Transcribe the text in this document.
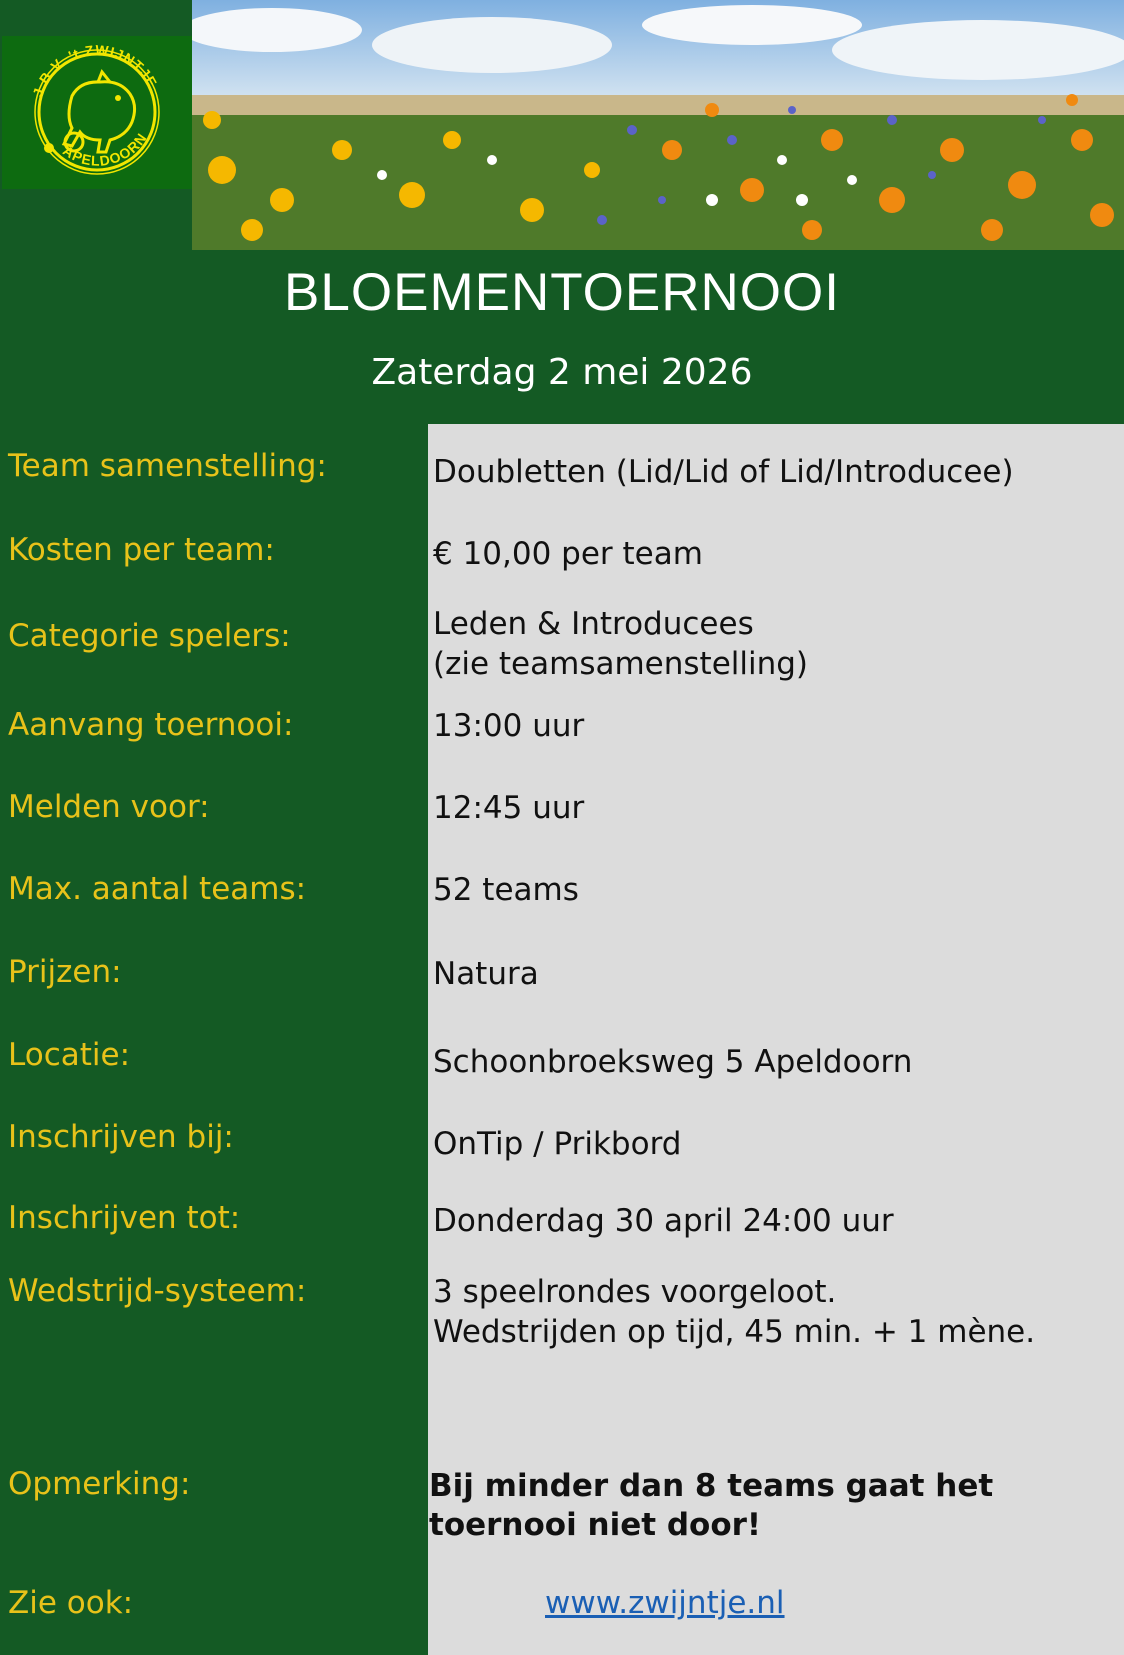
J.B.V. 't ZWIJNTJE
APELDOORN
BLOEMENTOERNOOI
Zaterdag 2 mei 2026
Team samenstelling:	Doubletten (Lid/Lid of Lid/Introducee)
Kosten per team:	€ 10,00 per team
Categorie spelers:	Leden & Introducees
(zie teamsamenstelling)
Aanvang toernooi:	13:00 uur
Melden voor:	12:45 uur
Max. aantal teams:	52 teams
Prijzen:	Natura
Locatie:	Schoonbroeksweg 5 Apeldoorn
Inschrijven bij:	OnTip / Prikbord
Inschrijven tot:	Donderdag 30 april 24:00 uur
Wedstrijd-systeem:	3 speelrondes voorgeloot.
Wedstrijden op tijd, 45 min. + 1 mène.
Opmerking:	Bij minder dan 8 teams gaat het
toernooi niet door!
Zie ook:	www.zwijntje.nl
